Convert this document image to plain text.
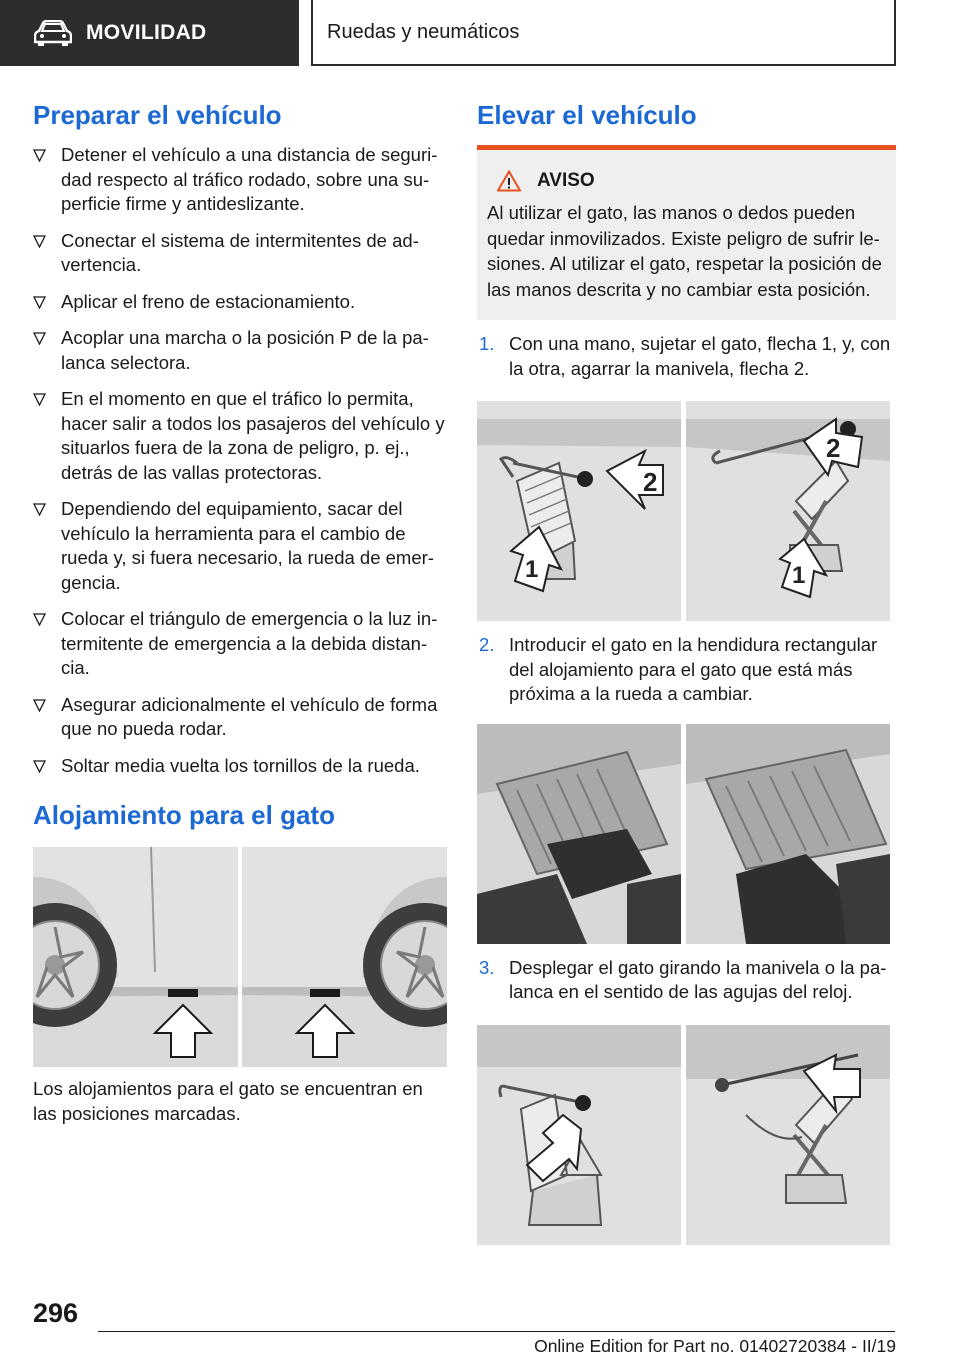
MOVILIDAD	Ruedas y neumáticos
Preparar el vehículo
Detener el vehículo a una distancia de seguridad respecto al tráfico rodado, sobre una superficie firme y antideslizante.
Conectar el sistema de intermitentes de advertencia.
Aplicar el freno de estacionamiento.
Acoplar una marcha o la posición P de la palanca selectora.
En el momento en que el tráfico lo permita, hacer salir a todos los pasajeros del vehículo y situarlos fuera de la zona de peligro, p. ej., detrás de las vallas protectoras.
Dependiendo del equipamiento, sacar del vehículo la herramienta para el cambio de rueda y, si fuera necesario, la rueda de emergencia.
Colocar el triángulo de emergencia o la luz intermitente de emergencia a la debida distancia.
Asegurar adicionalmente el vehículo de forma que no pueda rodar.
Soltar media vuelta los tornillos de la rueda.
Alojamiento para el gato

Los alojamientos para el gato se encuentran en las posiciones marcadas.

Elevar el vehículo
AVISO

Al utilizar el gato, las manos o dedos pueden quedar inmovilizados. Existe peligro de sufrir lesiones. Al utilizar el gato, respetar la posición de las manos descrita y no cambiar esta posición.

1. Con una mano, sujetar el gato, flecha 1, y, con la otra, agarrar la manivela, flecha 2.
2
1
2
1
2. Introducir el gato en la hendidura rectangular del alojamiento para el gato que está más próxima a la rueda a cambiar.
3. Desplegar el gato girando la manivela o la palanca en el sentido de las agujas del reloj.
296
Online Edition for Part no. 01402720384 - II/19
